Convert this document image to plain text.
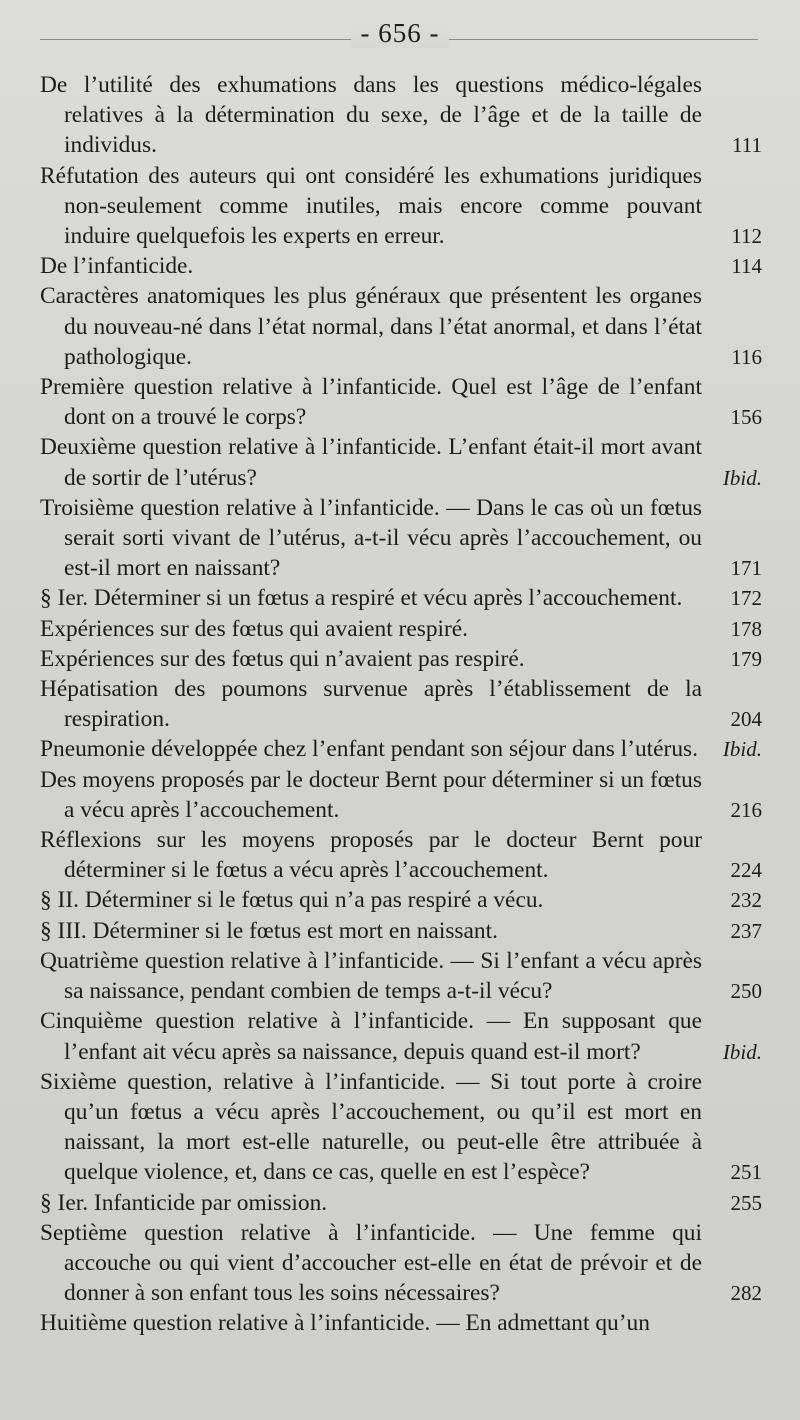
- 656 -
De l’utilité des exhumations dans les questions médico-légales relatives à la détermination du sexe, de l’âge et de la taille de individus.	111
Réfutation des auteurs qui ont considéré les exhumations juridiques non-seulement comme inutiles, mais encore comme pouvant induire quelquefois les experts en erreur.	112
De l’infanticide.	114
Caractères anatomiques les plus généraux que présentent les organes du nouveau-né dans l’état normal, dans l’état anormal, et dans l’état pathologique.	116
Première question relative à l’infanticide. Quel est l’âge de l’enfant dont on a trouvé le corps?	156
Deuxième question relative à l’infanticide. L’enfant était-il mort avant de sortir de l’utérus?	Ibid.
Troisième question relative à l’infanticide. — Dans le cas où un fœtus serait sorti vivant de l’utérus, a-t-il vécu après l’accouchement, ou est-il mort en naissant?	171
§ Ier. Déterminer si un fœtus a respiré et vécu après l’accouchement.	172
Expériences sur des fœtus qui avaient respiré.	178
Expériences sur des fœtus qui n’avaient pas respiré.	179
Hépatisation des poumons survenue après l’établissement de la respiration.	204
Pneumonie développée chez l’enfant pendant son séjour dans l’utérus.	Ibid.
Des moyens proposés par le docteur Bernt pour déterminer si un fœtus a vécu après l’accouchement.	216
Réflexions sur les moyens proposés par le docteur Bernt pour déterminer si le fœtus a vécu après l’accouchement.	224
§ II. Déterminer si le fœtus qui n’a pas respiré a vécu.	232
§ III. Déterminer si le fœtus est mort en naissant.	237
Quatrième question relative à l’infanticide. — Si l’enfant a vécu après sa naissance, pendant combien de temps a-t-il vécu?	250
Cinquième question relative à l’infanticide. — En supposant que l’enfant ait vécu après sa naissance, depuis quand est-il mort?	Ibid.
Sixième question, relative à l’infanticide. — Si tout porte à croire qu’un fœtus a vécu après l’accouchement, ou qu’il est mort en naissant, la mort est-elle naturelle, ou peut-elle être attribuée à quelque violence, et, dans ce cas, quelle en est l’espèce?	251
§ Ier. Infanticide par omission.	255
Septième question relative à l’infanticide. — Une femme qui accouche ou qui vient d’accoucher est-elle en état de prévoir et de donner à son enfant tous les soins nécessaires?	282
Huitième question relative à l’infanticide. — En admettant qu’un
